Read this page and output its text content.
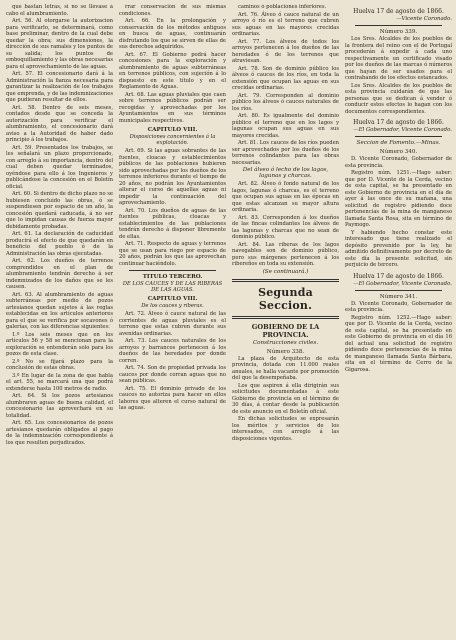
que bastan letras, si no se llevase á cabo el alumbramiento.

Art. 56. Al otorgarse la autorizacion para verificarlo, se determinará, como base preliminar, dentro de la cual debe quedar la obra; sus dimensiones, la dirección de sus ramales y los puntos de su salida; los puntos de emboquillamiento y las obras necesarias para el aprovechamiento de las aguas.

Art. 57. El concesionario dará á la Administración la fianza necesaria para garantizar la realización de los trabajos que emprenda, y de las indemnizaciones que pudieran resultar de ellos.

Art. 58. Dentro de seis meses, contados desde que se conceda la autorización para verificar el alumbramiento, el concesionario dará aviso a la Autoridad de haber dado principio á los trabajos.

Art. 59. Presentados los trabajos, se les señalará un plazo proporcionado, con arreglo á su importancia, dentro del cual deben quedar terminados, oyéndose para ello á los Ingenieros y publicándose la concesión en el Boletín oficial.

Art. 60. Si dentro de dicho plazo no se hubiesen concluido las obras, ó se suspendiesen por espacio de un año, la concesión quedará caducada, á no ser que lo impidan causas de fuerza mayor debidamente probadas.

Art. 61. La declaración de caducidad producirá el efecto de que quedarán en beneficio del pueblo ó de la Administración las obras ejecutadas.

Art. 62. Los dueños de terrenos comprendidos en el plan de alumbramiento tendrán derecho á ser indemnizados de los daños que se les causen.

Art. 63. Al alumbramiento de aguas subterráneas por medio de pozos artesianos quedan sujetos á las reglas establecidas en los artículos anteriores para el que se verifica por socavones ó galerías, con las diferencias siguientes:

1.º Los seis meses que en los artículos 56 y 58 se mencionan para la exploración se entenderán solo para los pozos de esta clase.

2.º No se fijará plazo para la conclusión de estas obras.

3.º En lugar de la zona de que habla el art. 55, se marcará una que podrá extenderse hasta 100 metros de radio.

Art. 64. Si los pozos artesianos alumbraren aguas de buena calidad, el concesionario las aprovechará en su totalidad.

Art. 65. Los concesionarios de pozos artesianos quedarán obligados al pago de la indemnización correspondiente á los que resulten perjudicados.

rrar conservación de sus mismas condiciones.

Art. 66. En la prolongación y conservación de los métodos antiguos en busca de aguas, continuarán disfrutando los que se sirven de ellas de sus derechos adquiridos.

Art. 67. El Gobierno podrá hacer concesiones para la exploración y alumbramiento de aguas subterráneas en terrenos públicos, con sujeción á lo dispuesto en este título y en el Reglamento de Aguas.

Art. 68. Las aguas pluviales que caen sobre terrenos públicos podrán ser recogidas y aprovechadas por los Ayuntamientos en sus términos municipales respectivos.

CAPITULO VIII.
Disposiciones concernientes á la explotación.

Art. 69. Si las aguas sobrantes de las fuentes, cloacas y establecimientos públicos de las poblaciones hubieren sido aprovechadas por los dueños de los terrenos inferiores durante el tiempo de 20 años, no podrán los Ayuntamientos alterar el curso de aquellas aguas ni impedir la continuación del aprovechamiento.

Art. 70. Los dueños de aguas de las fuentes públicas, cloacas y establecimientos de las poblaciones tendrán derecho á disponer libremente de ellas.

Art. 71. Respecto de aguas y terrenos que se usan para riego por espacio de 20 años, podrán los que las aprovechan continuar haciéndolo.

TITULO TERCERO.
DE LOS CAUCES Y DE LAS RIBERAS DE LAS AGUAS.
CAPITULO VIII.
De los cauces y riberas.

Art. 72. Álveo ó cauce natural de las corrientes de aguas pluviales es el terreno que estas cubren durante sus avenidas ordinarias.

Art. 73. Los cauces naturales de los arroyos y barrancos pertenecen á los dueños de las heredades por donde corren.

Art. 74. Son de propiedad privada los cauces por donde corran aguas que no sean públicas.

Art. 75. El dominio privado de los cauces no autoriza para hacer en ellos labores que alteren el curso natural de las aguas.

caminos ó poblaciones inferiores.

Art. 76. Álveo ó cauce natural de un arroyo ó río es el terreno que cubren sus aguas en las mayores crecidas ordinarias.

Art. 77. Los álveos de todos los arroyos pertenecen á los dueños de las heredades ó de los terrenos que atraviesan.

Art. 78. Son de dominio público los álveos ó cauces de los ríos, en toda la extensión que ocupan las aguas en sus crecidas ordinarias.

Art. 79. Corresponden al dominio público los álveos ó cauces naturales de los ríos.

Art. 80. Es igualmente del dominio público el terreno que en los lagos y lagunas ocupan sus aguas en sus mayores crecidas.

Art. 81. Los cauces de los ríos pueden ser aprovechados por los dueños de los terrenos colindantes para las obras necesarias.

Del álveo ó lecho de los lagos, lagunas y charcas.

Art. 82. Álveo ó fondo natural de los lagos, lagunas ó charcas, es el terreno que ocupan sus aguas en las épocas en que estas alcanzan su mayor altura ordinaria.

Art. 83. Corresponden á los dueños de las fincas colindantes los álveos de las lagunas y charcas que no sean de dominio público.

Art. 84. Las riberas de los lagos navegables son de dominio público, pero sus márgenes pertenecen á los ribereños en toda su extensión.

(Se continuará.)
Segunda Seccion.
GOBIERNO DE LA PROVINCIA.
Construcciones civiles.
Número 338.

La plaza de Arquitecto de esta provincia, dotada con 11.000 reales anuales, se halla vacante por promoción del que la desempeñaba.

Los que aspiren á ella dirigirán sus solicitudes documentadas á este Gobierno de provincia en el término de 30 días, á contar desde la publicación de este anuncio en el Boletín oficial.

En dichas solicitudes se expresarán los méritos y servicios de los interesados, con arreglo á las disposiciones vigentes.

Huelva 17 de agosto de 1866.
—Vicente Coronado.
Número 339.

Los Sres. Alcaldes de los pueblos de la frontera del reino con el de Portugal procederán á expedir á cada uno respectivamente un certificado visado por los dueños de las marcas ó números que hayan de ser usados para el contrabando de los efectos estancados.

Los Sres. Alcaldes de los pueblos de esta provincia cuidarán de que las personas que se dedican á vender ó conducir estos efectos lo hagan con los documentos correspondientes.

Huelva 17 de agosto de 1866.
—El Gobernador, Vicente Coronado.
Seccion de Fomento.—Minas.
Número 340.

D. Vicente Coronado, Gobernador de esta provincia.

Registro núm. 1251.—Hago saber: que por D. Vicente de la Cerda, vecino de esta capital, se ha presentado en este Gobierno de provincia en el día de ayer á las once de su mañana, una solicitud de registro pidiendo doce pertenencias de la mina de manganeso llamada Santa Rosa, sita en término de Paymogo.

Y habiendo hecho constar este interesado que tiene realizado el depósito prevenido por la ley, he admitido definitivamente por decreto de este día la presente solicitud, sin perjuicio de tercero.

Huelva 17 de agosto de 1866.
—El Gobernador, Vicente Coronado.
Número 341.

D. Vicente Coronado, Gobernador de esta provincia.

Registro núm. 1252.—Hago saber: que por D. Vicente de la Cerda, vecino de esta capital, se ha presentado en este Gobierno de provincia en el día 16 del actual una solicitud de registro pidiendo doce pertenencias de la mina de manganeso llamada Santa Bárbara, sita en el término de Cerro de la Gigarosa.
